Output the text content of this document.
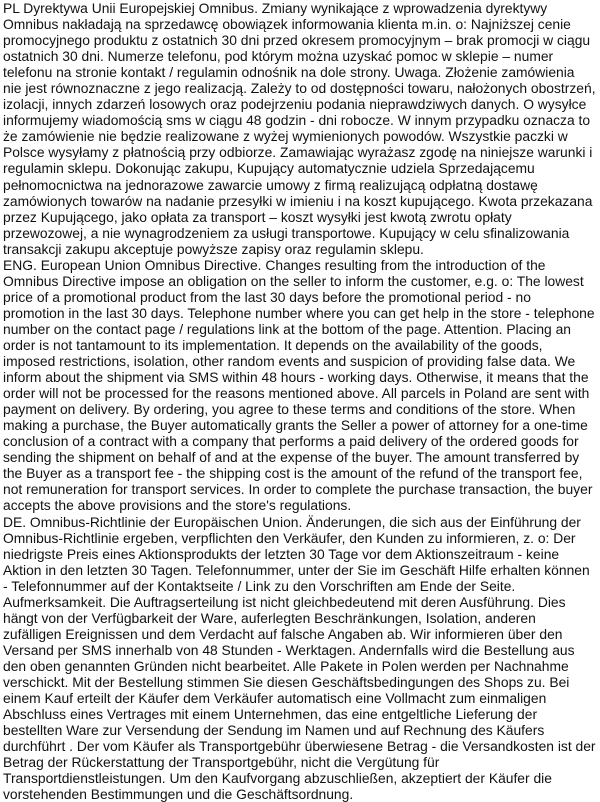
PL Dyrektywa Unii Europejskiej Omnibus. Zmiany wynikające z wprowadzenia dyrektywy Omnibus nakładają na sprzedawcę obowiązek informowania klienta m.in. o: Najniższej cenie promocyjnego produktu z ostatnich 30 dni przed okresem promocyjnym – brak promocji w ciągu ostatnich 30 dni. Numerze telefonu, pod którym można uzyskać pomoc w sklepie – numer telefonu na stronie kontakt / regulamin odnośnik na dole strony. Uwaga. Złożenie zamówienia nie jest równoznaczne z jego realizacją. Zależy to od dostępności towaru, nałożonych obostrzeń, izolacji, innych zdarzeń losowych oraz podejrzeniu podania nieprawdziwych danych. O wysyłce informujemy wiadomością sms w ciągu 48 godzin - dni robocze. W innym przypadku oznacza to że zamówienie nie będzie realizowane z wyżej wymienionych powodów. Wszystkie paczki w Polsce wysyłamy z płatnością przy odbiorze. Zamawiając wyrażasz zgodę na niniejsze warunki i regulamin sklepu. Dokonując zakupu, Kupujący automatycznie udziela Sprzedającemu pełnomocnictwa na jednorazowe zawarcie umowy z firmą realizującą odpłatną dostawę zamówionych towarów na nadanie przesyłki w imieniu i na koszt kupującego. Kwota przekazana przez Kupującego, jako opłata za transport – koszt wysyłki jest kwotą zwrotu opłaty przewozowej, a nie wynagrodzeniem za usługi transportowe. Kupujący w celu sfinalizowania transakcji zakupu akceptuje powyższe zapisy oraz regulamin sklepu.

ENG. European Union Omnibus Directive. Changes resulting from the introduction of the Omnibus Directive impose an obligation on the seller to inform the customer, e.g. o: The lowest price of a promotional product from the last 30 days before the promotional period - no promotion in the last 30 days. Telephone number where you can get help in the store - telephone number on the contact page / regulations link at the bottom of the page. Attention. Placing an order is not tantamount to its implementation. It depends on the availability of the goods, imposed restrictions, isolation, other random events and suspicion of providing false data. We inform about the shipment via SMS within 48 hours - working days. Otherwise, it means that the order will not be processed for the reasons mentioned above. All parcels in Poland are sent with payment on delivery. By ordering, you agree to these terms and conditions of the store. When making a purchase, the Buyer automatically grants the Seller a power of attorney for a one-time conclusion of a contract with a company that performs a paid delivery of the ordered goods for sending the shipment on behalf of and at the expense of the buyer. The amount transferred by the Buyer as a transport fee - the shipping cost is the amount of the refund of the transport fee, not remuneration for transport services. In order to complete the purchase transaction, the buyer accepts the above provisions and the store's regulations.

DE. Omnibus-Richtlinie der Europäischen Union. Änderungen, die sich aus der Einführung der Omnibus-Richtlinie ergeben, verpflichten den Verkäufer, den Kunden zu informieren, z. o: Der niedrigste Preis eines Aktionsprodukts der letzten 30 Tage vor dem Aktionszeitraum - keine Aktion in den letzten 30 Tagen. Telefonnummer, unter der Sie im Geschäft Hilfe erhalten können - Telefonnummer auf der Kontaktseite / Link zu den Vorschriften am Ende der Seite. Aufmerksamkeit. Die Auftragserteilung ist nicht gleichbedeutend mit deren Ausführung. Dies hängt von der Verfügbarkeit der Ware, auferlegten Beschränkungen, Isolation, anderen zufälligen Ereignissen und dem Verdacht auf falsche Angaben ab. Wir informieren über den Versand per SMS innerhalb von 48 Stunden - Werktagen. Andernfalls wird die Bestellung aus den oben genannten Gründen nicht bearbeitet. Alle Pakete in Polen werden per Nachnahme verschickt. Mit der Bestellung stimmen Sie diesen Geschäftsbedingungen des Shops zu. Bei einem Kauf erteilt der Käufer dem Verkäufer automatisch eine Vollmacht zum einmaligen Abschluss eines Vertrages mit einem Unternehmen, das eine entgeltliche Lieferung der bestellten Ware zur Versendung der Sendung im Namen und auf Rechnung des Käufers durchführt . Der vom Käufer als Transportgebühr überwiesene Betrag - die Versandkosten ist der Betrag der Rückerstattung der Transportgebühr, nicht die Vergütung für Transportdienstleistungen. Um den Kaufvorgang abzuschließen, akzeptiert der Käufer die vorstehenden Bestimmungen und die Geschäftsordnung.
